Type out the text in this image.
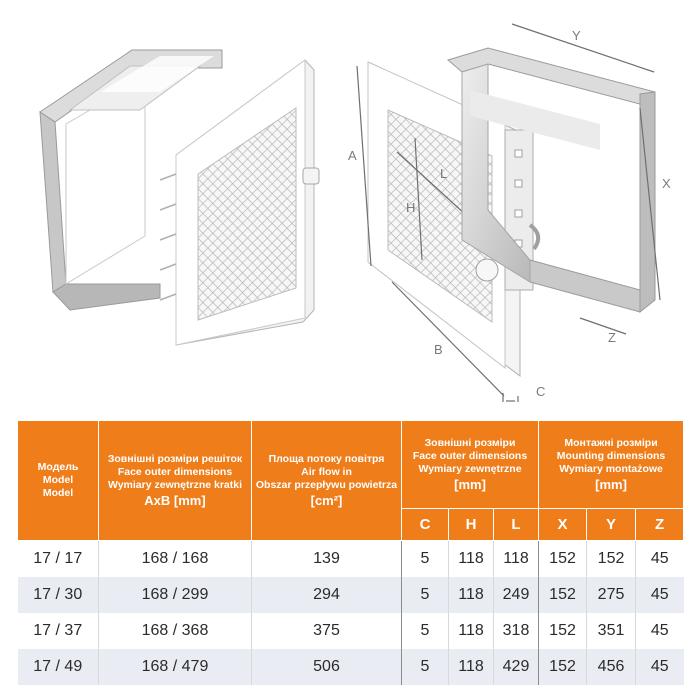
Y
X
Z
A
L
H
B
C
Модель
Model
Model	Зовнішні розміри решіток
Face outer dimensions
Wymiary zewnętrzne kratki
AxB [mm]	Площа потоку повітря
Air flow in
Obszar przepływu powietrza
[cm²]	Зовнішні розміри
Face outer dimensions
Wymiary zewnętrzne
[mm]			Монтажні розміри
Mounting dimensions
Wymiary montażowe
[mm]		

			C	H	L	X	Y	Z
17 / 17	168 / 168	139	5	118	118	152	152	45
17 / 30	168 / 299	294	5	118	249	152	275	45
17 / 37	168 / 368	375	5	118	318	152	351	45
17 / 49	168 / 479	506	5	118	429	152	456	45
